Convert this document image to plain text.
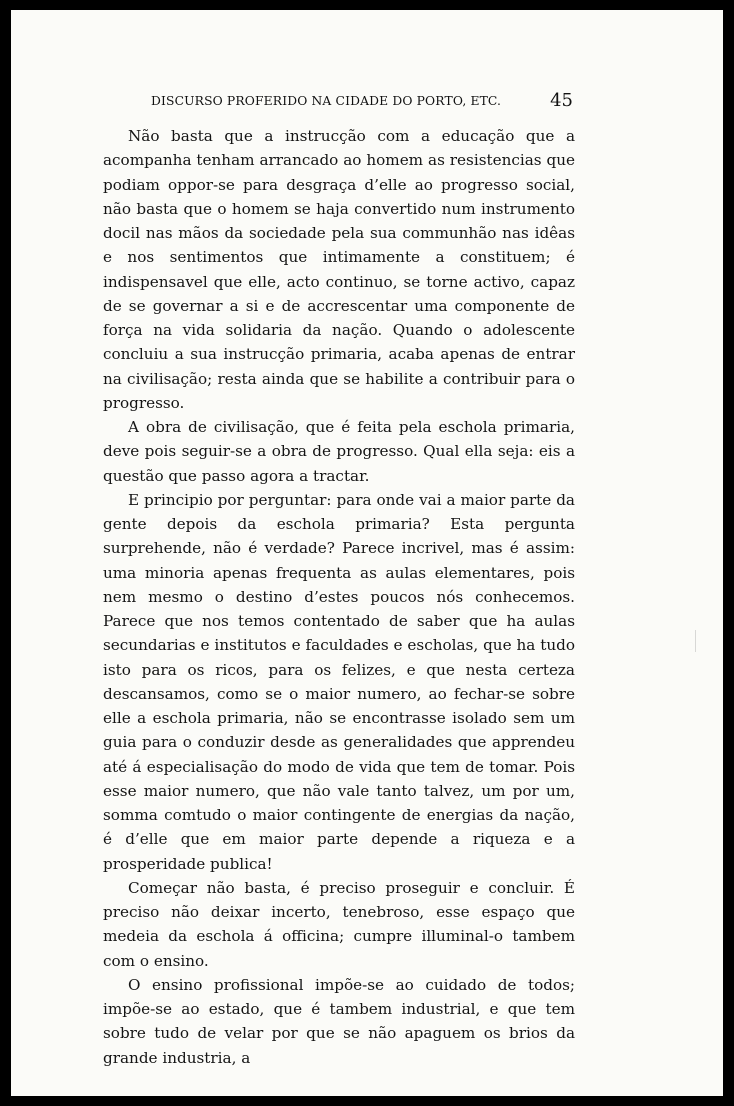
DISCURSO PROFERIDO NA CIDADE DO PORTO, ETC.	45

Não basta que a instrucção com a educação que a acompanha tenham arrancado ao homem as resistencias que podiam oppor-se para desgraça d’elle ao progresso social, não basta que o homem se haja convertido num instrumento docil nas mãos da sociedade pela sua communhão nas idêas e nos sentimentos que intimamente a constituem; é indispensavel que elle, acto continuo, se torne activo, capaz de se governar a si e de accrescentar uma componente de força na vida solidaria da nação. Quando o adolescente concluiu a sua instrucção primaria, acaba apenas de entrar na civilisação; resta ainda que se habilite a contribuir para o progresso.

A obra de civilisação, que é feita pela eschola primaria, deve pois seguir-se a obra de progresso. Qual ella seja: eis a questão que passo agora a tractar.

E principio por perguntar: para onde vai a maior parte da gente depois da eschola primaria? Esta pergunta surprehende, não é verdade? Parece incrivel, mas é assim: uma minoria apenas frequenta as aulas elementares, pois nem mesmo o destino d’estes poucos nós conhecemos. Parece que nos temos contentado de saber que ha aulas secundarias e institutos e faculdades e escholas, que ha tudo isto para os ricos, para os felizes, e que nesta certeza descansamos, como se o maior numero, ao fechar-se sobre elle a eschola primaria, não se encontrasse isolado sem um guia para o conduzir desde as generalidades que apprendeu até á especialisação do modo de vida que tem de tomar. Pois esse maior numero, que não vale tanto talvez, um por um, somma comtudo o maior contingente de energias da nação, é d’elle que em maior parte depende a riqueza e a prosperidade publica!

Começar não basta, é preciso proseguir e concluir. É preciso não deixar incerto, tenebroso, esse espaço que medeia da eschola á officina; cumpre illuminal-o tambem com o ensino.

O ensino profissional impõe-se ao cuidado de todos; impõe-se ao estado, que é tambem industrial, e que tem sobre tudo de velar por que se não apaguem os brios da grande industria, a
